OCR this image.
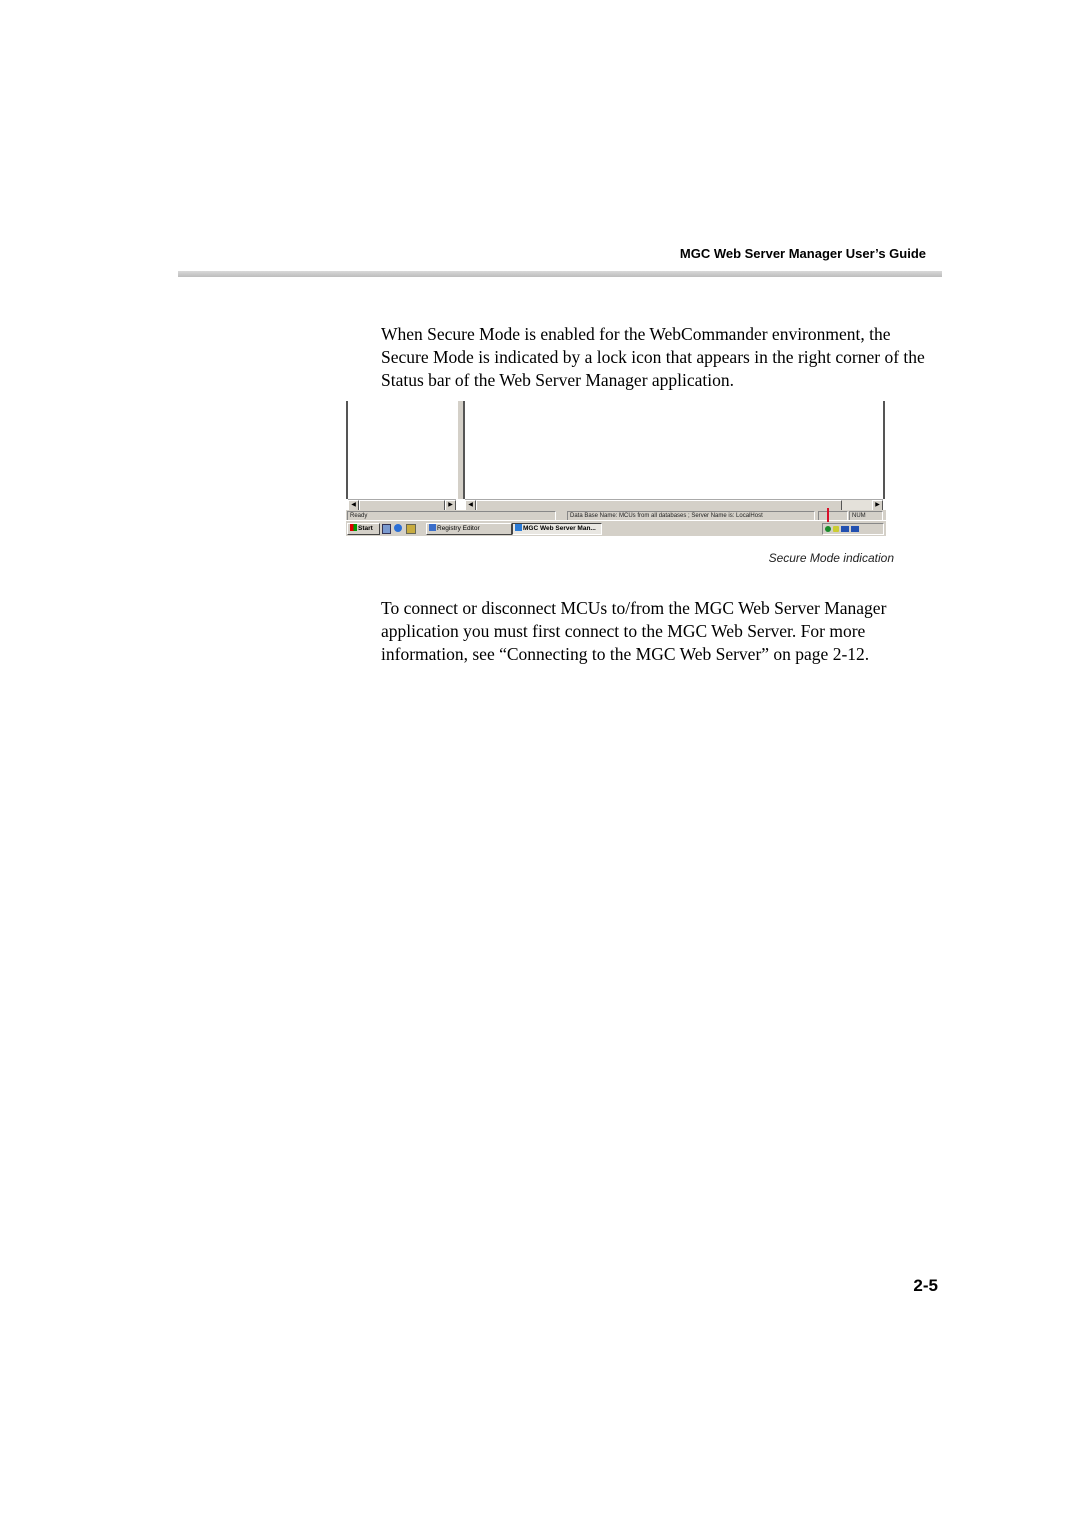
MGC Web Server Manager User’s Guide

When Secure Mode is enabled for the WebCommander environment, the Secure Mode is indicated by a lock icon that appears in the right corner of the Status bar of the Web Server Manager application.

◀	▶	◀	▶
Ready	Data Base Name: MCUs from all databases ; Server Name is: LocalHost	NUM
Start	Registry Editor	MGC Web Server Man...
Secure Mode indication

To connect or disconnect MCUs to/from the MGC Web Server Manager application you must first connect to the MGC Web Server. For more information, see “Connecting to the MGC Web Server” on page 2-12.

2-5
